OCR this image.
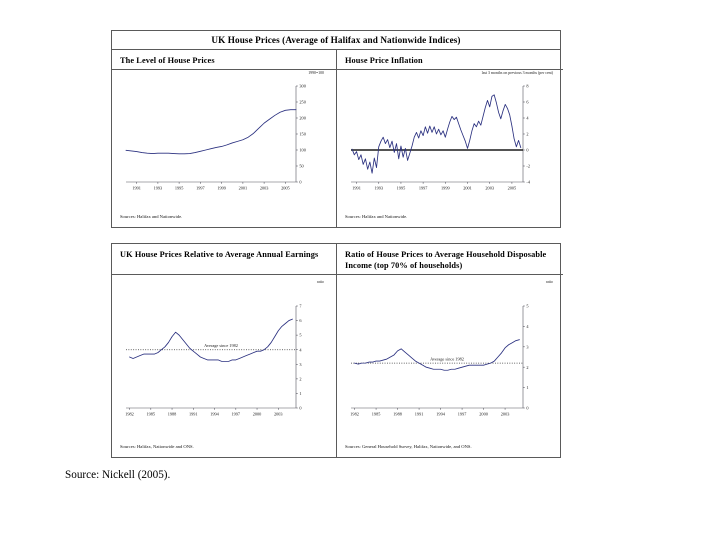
UK House Prices (Average of Halifax and Nationwide Indices)
The Level of House Prices
1990=100
0
50
100
150
200
250
300
1991	1993	1995	1997	1999	2001	2003	2005
Sources: Halifax and Nationwide.
House Price Inflation
last 3 months on previous 3 months (per cent)
-4
-2
0
2
4
6
8
1991	1993	1995	1997	1999	2001	2003	2005
Sources: Halifax and Nationwide.
UK House Prices Relative to Average Annual Earnings
ratio
0
1
2
3
4
5
6
7
1982	1985	1988	1991	1994	1997	2000	2003
Average since 1982
Sources: Halifax, Nationwide and ONS.
Ratio of House Prices to Average Household Disposable Income (top 70% of households)
ratio
0
1
2
3
4
5
1982	1985	1988	1991	1994	1997	2000	2003
Average since 1982
Sources: General Household Survey, Halifax, Nationwide, and ONS.
Source: Nickell (2005).
